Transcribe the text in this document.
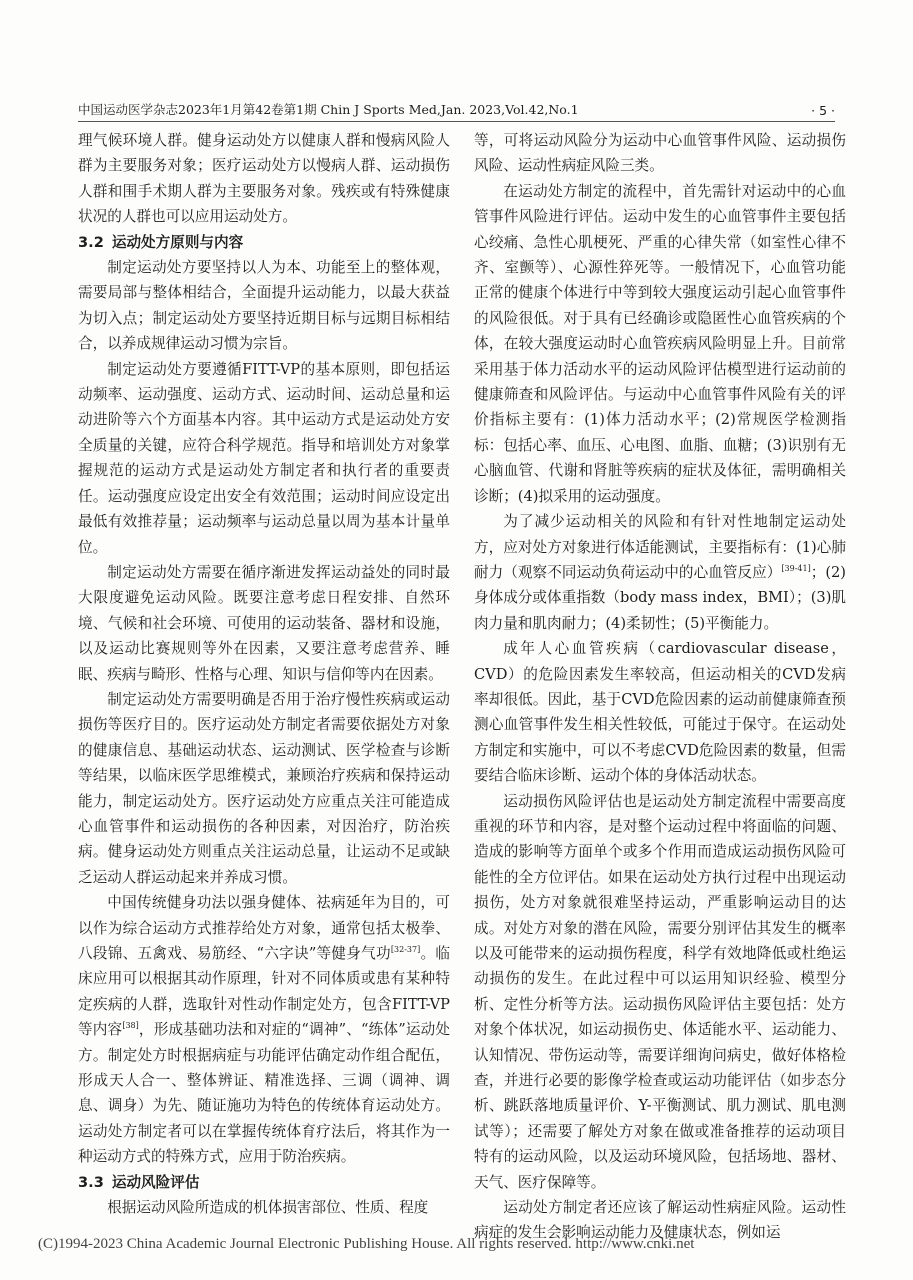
中国运动医学杂志2023年1月第42卷第1期 Chin J Sports Med,Jan. 2023,Vol.42,No.1	· 5 ·

理气候环境人群。健身运动处方以健康人群和慢病风险人群为主要服务对象；医疗运动处方以慢病人群、运动损伤人群和围手术期人群为主要服务对象。残疾或有特殊健康状况的人群也可以应用运动处方。

3.2 运动处方原则与内容

制定运动处方要坚持以人为本、功能至上的整体观，需要局部与整体相结合，全面提升运动能力，以最大获益为切入点；制定运动处方要坚持近期目标与远期目标相结合，以养成规律运动习惯为宗旨。

制定运动处方要遵循FITT-VP的基本原则，即包括运动频率、运动强度、运动方式、运动时间、运动总量和运动进阶等六个方面基本内容。其中运动方式是运动处方安全质量的关键，应符合科学规范。指导和培训处方对象掌握规范的运动方式是运动处方制定者和执行者的重要责任。运动强度应设定出安全有效范围；运动时间应设定出最低有效推荐量；运动频率与运动总量以周为基本计量单位。

制定运动处方需要在循序渐进发挥运动益处的同时最大限度避免运动风险。既要注意考虑日程安排、自然环境、气候和社会环境、可使用的运动装备、器材和设施，以及运动比赛规则等外在因素，又要注意考虑营养、睡眠、疾病与畸形、性格与心理、知识与信仰等内在因素。

制定运动处方需要明确是否用于治疗慢性疾病或运动损伤等医疗目的。医疗运动处方制定者需要依据处方对象的健康信息、基础运动状态、运动测试、医学检查与诊断等结果，以临床医学思维模式，兼顾治疗疾病和保持运动能力，制定运动处方。医疗运动处方应重点关注可能造成心血管事件和运动损伤的各种因素，对因治疗，防治疾病。健身运动处方则重点关注运动总量，让运动不足或缺乏运动人群运动起来并养成习惯。

中国传统健身功法以强身健体、祛病延年为目的，可以作为综合运动方式推荐给处方对象，通常包括太极拳、八段锦、五禽戏、易筋经、“六字诀”等健身气功[32-37]。临床应用可以根据其动作原理，针对不同体质或患有某种特定疾病的人群，选取针对性动作制定处方，包含FITT-VP等内容[38]，形成基础功法和对症的“调神”、“练体”运动处方。制定处方时根据病症与功能评估确定动作组合配伍，形成天人合一、整体辨证、精准选择、三调（调神、调息、调身）为先、随证施功为特色的传统体育运动处方。运动处方制定者可以在掌握传统体育疗法后，将其作为一种运动方式的特殊方式，应用于防治疾病。

3.3 运动风险评估

根据运动风险所造成的机体损害部位、性质、程度

等，可将运动风险分为运动中心血管事件风险、运动损伤风险、运动性病症风险三类。

在运动处方制定的流程中，首先需针对运动中的心血管事件风险进行评估。运动中发生的心血管事件主要包括心绞痛、急性心肌梗死、严重的心律失常（如室性心律不齐、室颤等）、心源性猝死等。一般情况下，心血管功能正常的健康个体进行中等到较大强度运动引起心血管事件的风险很低。对于具有已经确诊或隐匿性心血管疾病的个体，在较大强度运动时心血管疾病风险明显上升。目前常采用基于体力活动水平的运动风险评估模型进行运动前的健康筛查和风险评估。与运动中心血管事件风险有关的评价指标主要有：(1)体力活动水平；(2)常规医学检测指标：包括心率、血压、心电图、血脂、血糖；(3)识别有无心脑血管、代谢和肾脏等疾病的症状及体征，需明确相关诊断；(4)拟采用的运动强度。

为了减少运动相关的风险和有针对性地制定运动处方，应对处方对象进行体适能测试，主要指标有：(1)心肺耐力（观察不同运动负荷运动中的心血管反应）[39-41]；(2)身体成分或体重指数（body mass index，BMI）；(3)肌肉力量和肌肉耐力；(4)柔韧性；(5)平衡能力。

成年人心血管疾病（cardiovascular disease，CVD）的危险因素发生率较高，但运动相关的CVD发病率却很低。因此，基于CVD危险因素的运动前健康筛查预测心血管事件发生相关性较低，可能过于保守。在运动处方制定和实施中，可以不考虑CVD危险因素的数量，但需要结合临床诊断、运动个体的身体活动状态。

运动损伤风险评估也是运动处方制定流程中需要高度重视的环节和内容，是对整个运动过程中将面临的问题、造成的影响等方面单个或多个作用而造成运动损伤风险可能性的全方位评估。如果在运动处方执行过程中出现运动损伤，处方对象就很难坚持运动，严重影响运动目的达成。对处方对象的潜在风险，需要分别评估其发生的概率以及可能带来的运动损伤程度，科学有效地降低或杜绝运动损伤的发生。在此过程中可以运用知识经验、模型分析、定性分析等方法。运动损伤风险评估主要包括：处方对象个体状况，如运动损伤史、体适能水平、运动能力、认知情况、带伤运动等，需要详细询问病史，做好体格检查，并进行必要的影像学检查或运动功能评估（如步态分析、跳跃落地质量评价、Y-平衡测试、肌力测试、肌电测试等）；还需要了解处方对象在做或准备推荐的运动项目特有的运动风险，以及运动环境风险，包括场地、器材、天气、医疗保障等。

运动处方制定者还应该了解运动性病症风险。运动性病症的发生会影响运动能力及健康状态，例如运

(C)1994-2023 China Academic Journal Electronic Publishing House. All rights reserved. http://www.cnki.net
